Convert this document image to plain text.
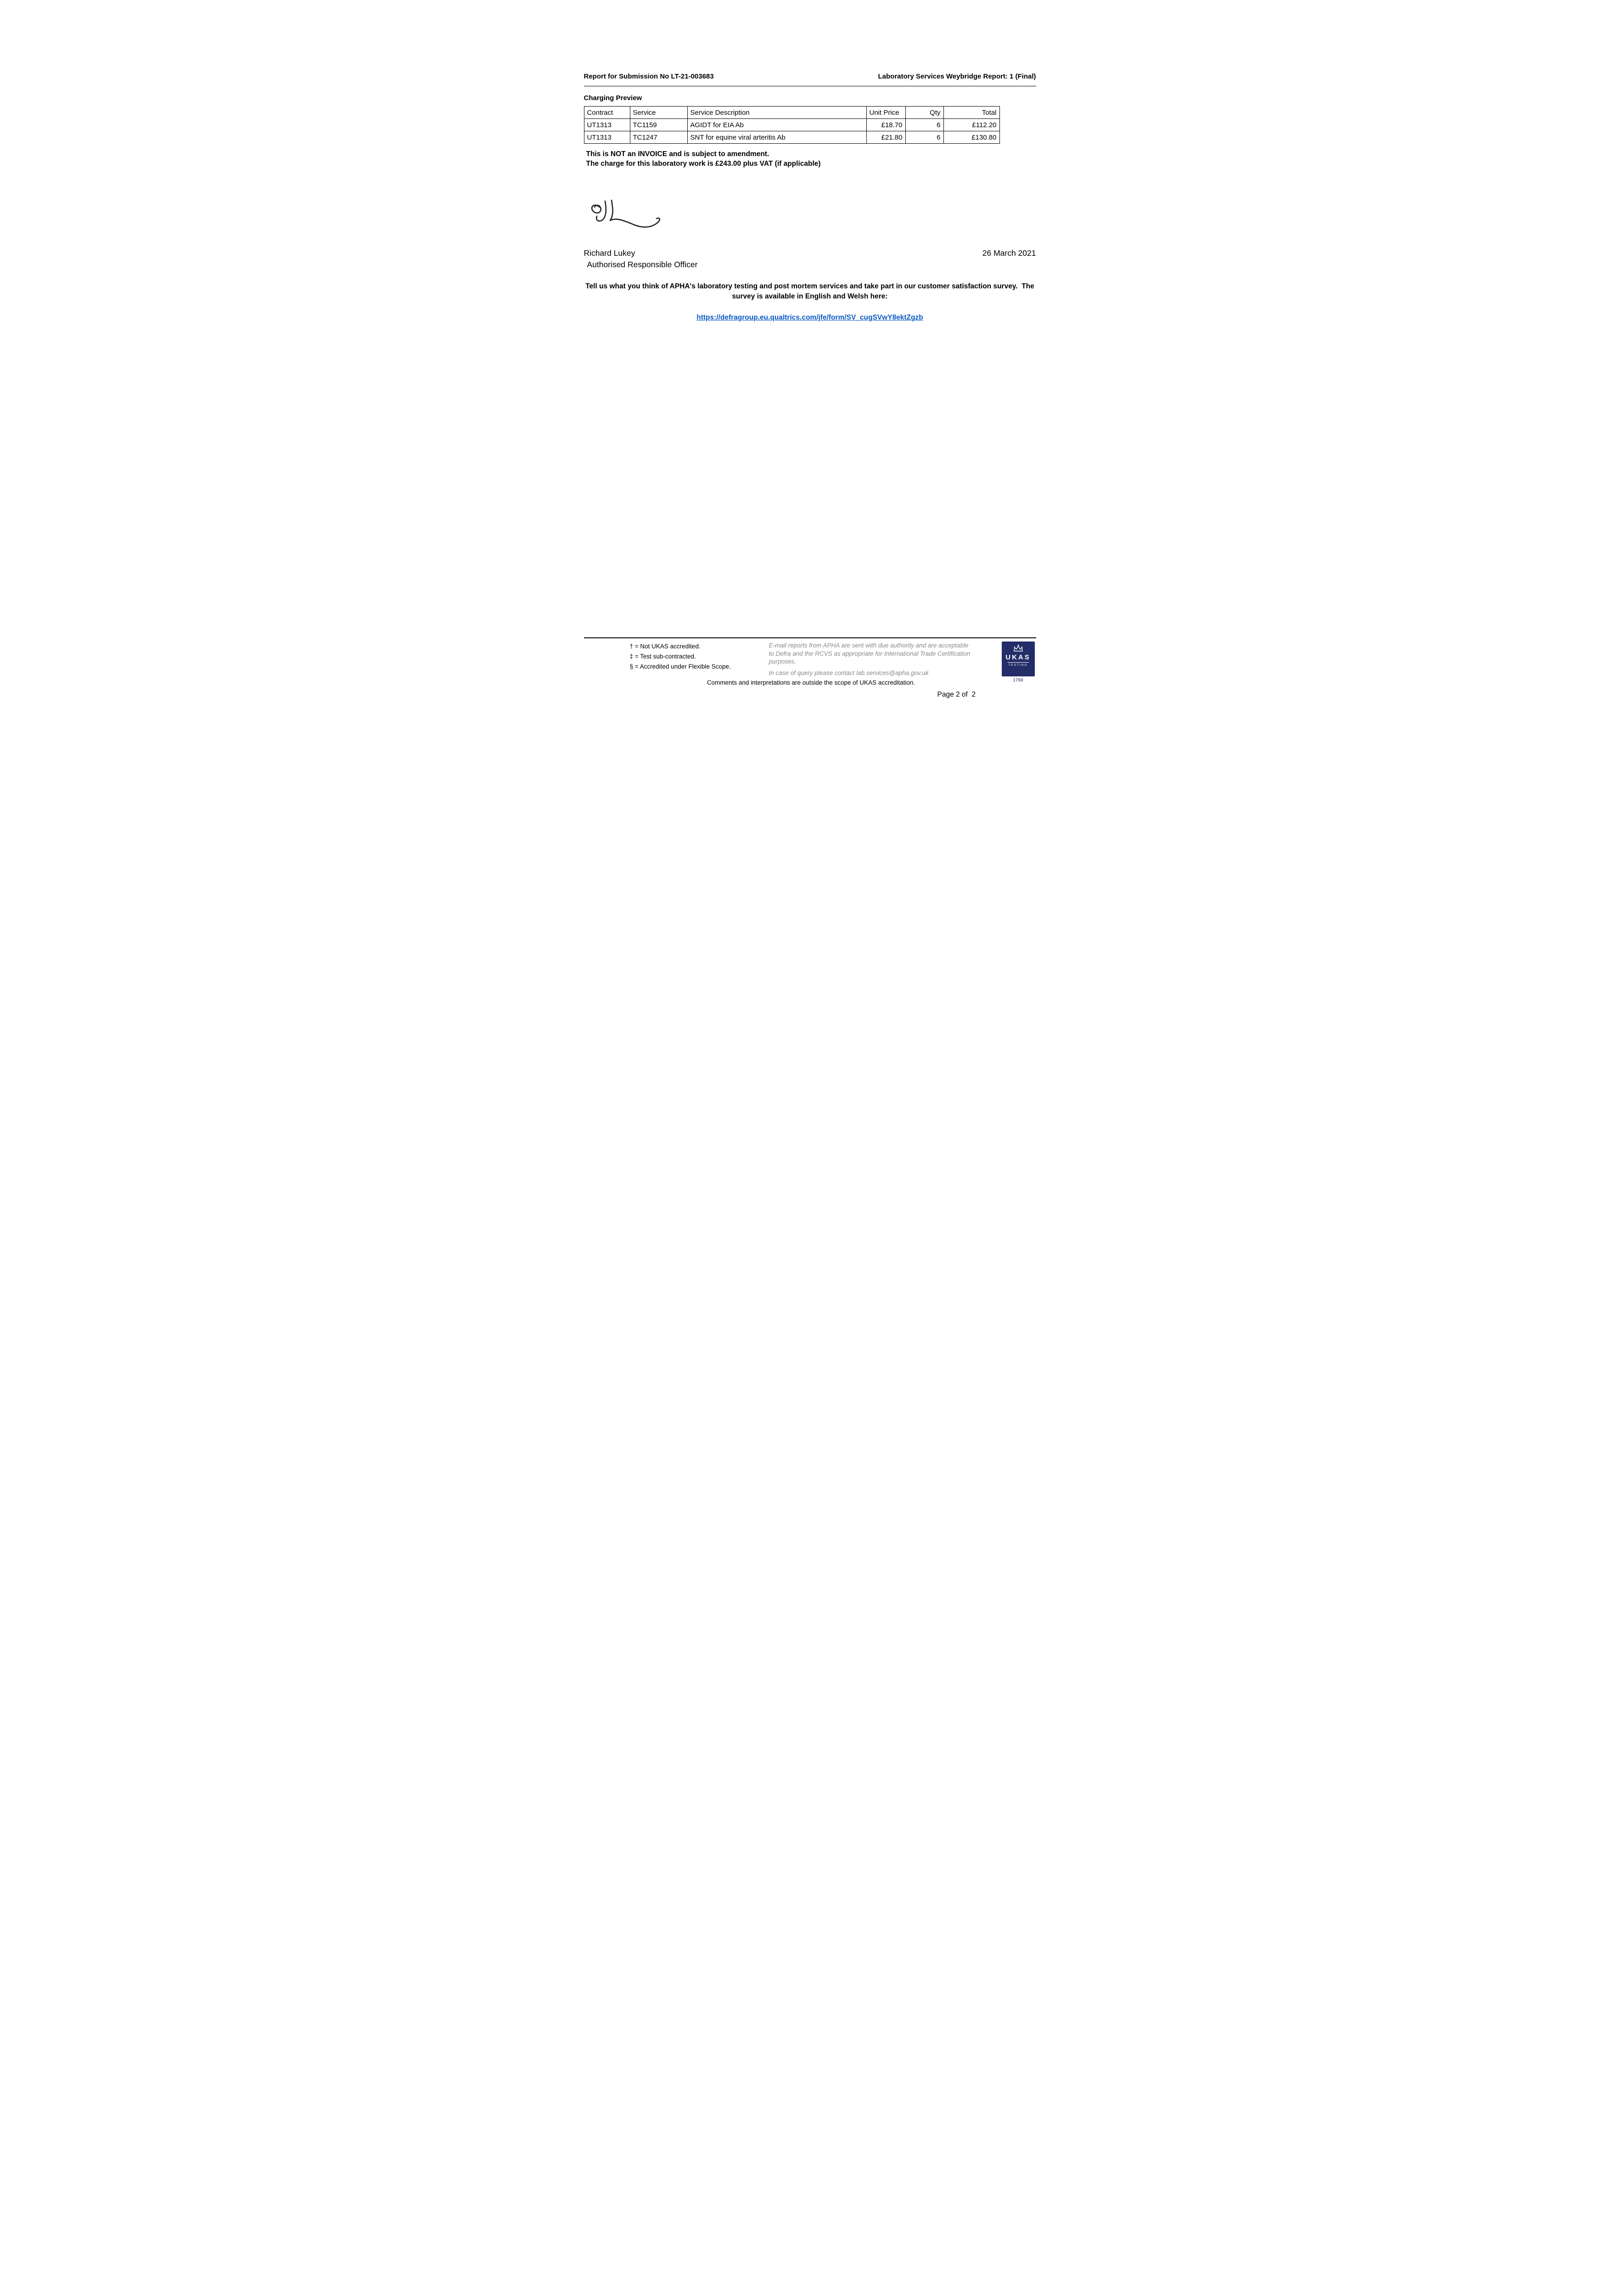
Report for Submission No LT-21-003683	Laboratory Services Weybridge Report: 1 (Final)
Charging Preview
Contract	Service	Service Description	Unit Price	Qty	Total
UT1313	TC1159	AGIDT for EIA Ab	£18.70	6	£112.20
UT1313	TC1247	SNT for equine viral arteritis Ab	£21.80	6	£130.80
This is NOT an INVOICE and is subject to amendment.
The charge for this laboratory work is £243.00 plus VAT (if applicable)
Richard Lukey	26 March 2021
Authorised Responsible Officer
Tell us what you think of APHA's laboratory testing and post mortem services and take part in our customer satisfaction survey.  The survey is available in English and Welsh here:
https://defragroup.eu.qualtrics.com/jfe/form/SV_cugSVwY8ektZgzb
† = Not UKAS accredited.
‡ = Test sub-contracted.
§ = Accredited under Flexible Scope.
E-mail reports from APHA are sent with due authority and are acceptable to Defra and the RCVS as appropriate for International Trade Certification purposes.
In case of query please contact lab.services@apha.gov.uk
UKAS
TESTING
1769
Comments and interpretations are outside the scope of UKAS accreditation.
Page 2 of  2
